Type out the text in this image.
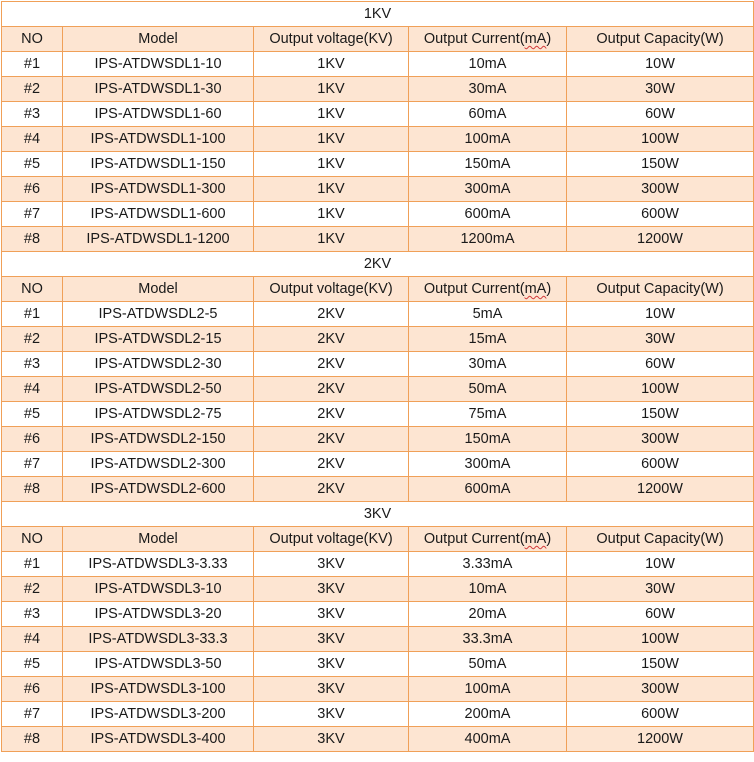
1KV				
NO	Model	Output voltage(KV)	Output Current(mA)	Output Capacity(W)
#1	IPS-ATDWSDL1-10	1KV	10mA	10W
#2	IPS-ATDWSDL1-30	1KV	30mA	30W
#3	IPS-ATDWSDL1-60	1KV	60mA	60W
#4	IPS-ATDWSDL1-100	1KV	100mA	100W
#5	IPS-ATDWSDL1-150	1KV	150mA	150W
#6	IPS-ATDWSDL1-300	1KV	300mA	300W
#7	IPS-ATDWSDL1-600	1KV	600mA	600W
#8	IPS-ATDWSDL1-1200	1KV	1200mA	1200W
2KV				
NO	Model	Output voltage(KV)	Output Current(mA)	Output Capacity(W)
#1	IPS-ATDWSDL2-5	2KV	5mA	10W
#2	IPS-ATDWSDL2-15	2KV	15mA	30W
#3	IPS-ATDWSDL2-30	2KV	30mA	60W
#4	IPS-ATDWSDL2-50	2KV	50mA	100W
#5	IPS-ATDWSDL2-75	2KV	75mA	150W
#6	IPS-ATDWSDL2-150	2KV	150mA	300W
#7	IPS-ATDWSDL2-300	2KV	300mA	600W
#8	IPS-ATDWSDL2-600	2KV	600mA	1200W
3KV				
NO	Model	Output voltage(KV)	Output Current(mA)	Output Capacity(W)
#1	IPS-ATDWSDL3-3.33	3KV	3.33mA	10W
#2	IPS-ATDWSDL3-10	3KV	10mA	30W
#3	IPS-ATDWSDL3-20	3KV	20mA	60W
#4	IPS-ATDWSDL3-33.3	3KV	33.3mA	100W
#5	IPS-ATDWSDL3-50	3KV	50mA	150W
#6	IPS-ATDWSDL3-100	3KV	100mA	300W
#7	IPS-ATDWSDL3-200	3KV	200mA	600W
#8	IPS-ATDWSDL3-400	3KV	400mA	1200W
